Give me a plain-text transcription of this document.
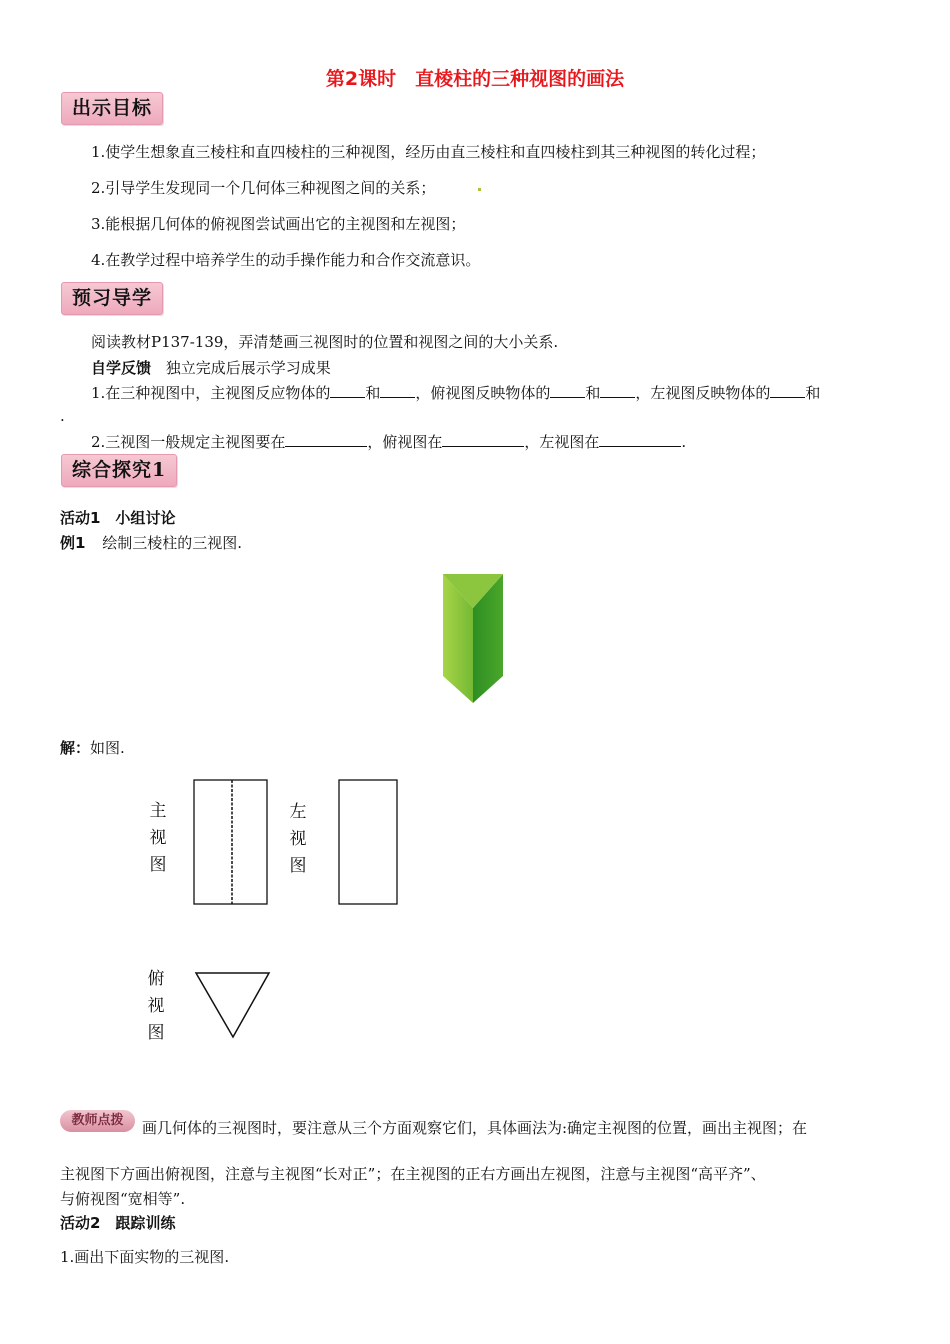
第2课时　直棱柱的三种视图的画法
出示目标
1.使学生想象直三棱柱和直四棱柱的三种视图，经历由直三棱柱和直四棱柱到其三种视图的转化过程；
2.引导学生发现同一个几何体三种视图之间的关系；
3.能根据几何体的俯视图尝试画出它的主视图和左视图；
4.在教学过程中培养学生的动手操作能力和合作交流意识。
预习导学
阅读教材P137-139，弄清楚画三视图时的位置和视图之间的大小关系.
自学反馈 独立完成后展示学习成果
1.在三种视图中，主视图反应物体的 和 ，俯视图反映物体的 和 ，左视图反映物体的 和
.
2.三视图一般规定主视图要在	，俯视图在	，左视图在	.
综合探究1
活动1　小组讨论
例1 绘制三棱柱的三视图.
解：如图.
主视图
左视图
俯视图
教师点拨	画几何体的三视图时，要注意从三个方面观察它们，具体画法为:确定主视图的位置，画出主视图；在
主视图下方画出俯视图，注意与主视图“长对正”；在主视图的正右方画出左视图，注意与主视图“高平齐”、
与俯视图“宽相等”.
活动2　跟踪训练
1.画出下面实物的三视图.
